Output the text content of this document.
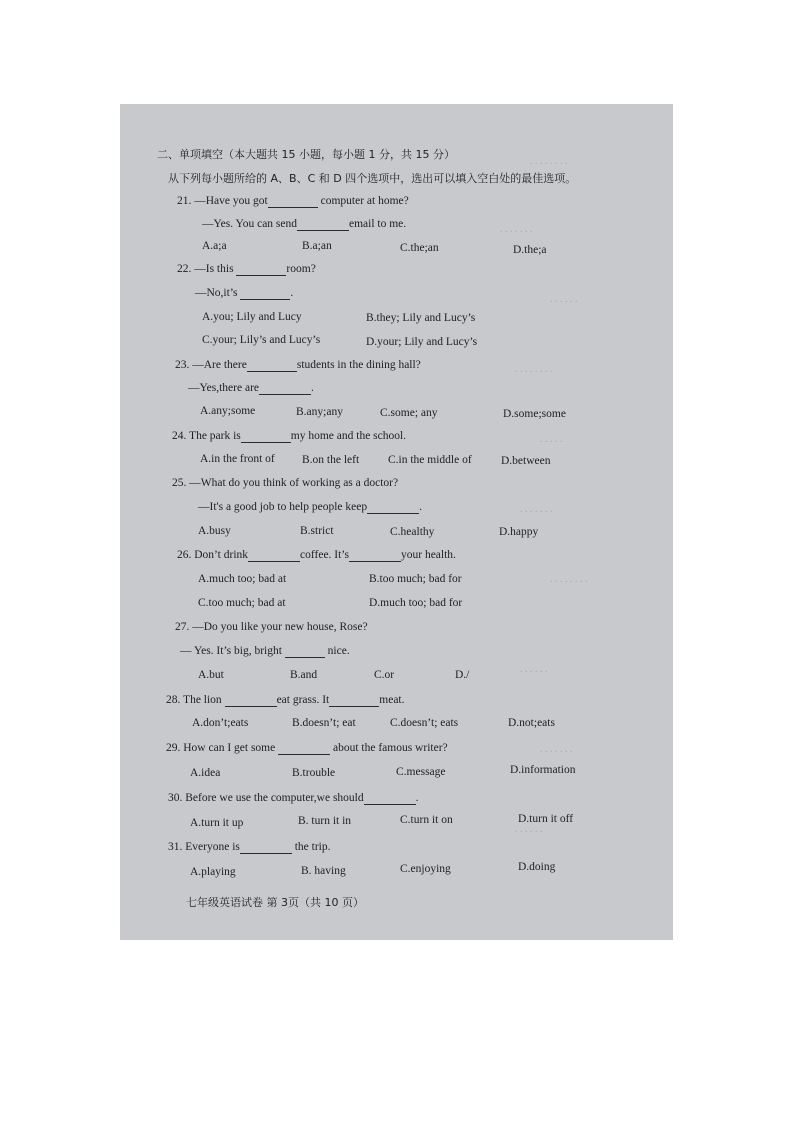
. . . . . . . .
. . . . . . .
. . . . . .
. . . . . . . .
. . . . .
. . . . . . .
. . . . . . . .
. . . . . .
. . . . . . .
. . . . . .
二、单项填空（本大题共 15 小题，每小题 1 分，共 15 分）
从下列每小题所给的 A、B、C 和 D 四个选项中，选出可以填入空白处的最佳选项。
21. —Have you got	computer at home?
—Yes. You can send	email to me.
A.a;a	B.a;an	C.the;an	D.the;a
22. —Is this	room?
—No,it’s	.
A.you; Lily and Lucy	B.they; Lily and Lucy’s
C.your; Lily’s and Lucy’s	D.your; Lily and Lucy’s
23. —Are there	students in the dining hall?
—Yes,there are	.
A.any;some	B.any;any	C.some; any	D.some;some
24. The park is	my home and the school.
A.in the front of B.on the left	C.in the middle of	D.between
25. —What do you think of working as a doctor?
—It's a good job to help people keep	.
A.busy	B.strict	C.healthy	D.happy
26. Don’t drink	coffee. It’s	your health.
A.much too; bad at	B.too much; bad for
C.too much; bad at	D.much too; bad for
27. —Do you like your new house, Rose?
— Yes. It’s big, bright	nice.
A.but	B.and	C.or	D./
28. The lion	eat grass. It	meat.
A.don’t;eats	B.doesn’t; eat	C.doesn’t; eats	D.not;eats
29. How can I get some	about the famous writer?
A.idea	B.trouble	C.message	D.information
30. Before we use the computer,we should	.
A.turn it up	B. turn it in	C.turn it on	D.turn it off
31. Everyone is	the trip.
A.playing	B. having	C.enjoying	D.doing
七年级英语试卷 第 3页（共 10 页）
